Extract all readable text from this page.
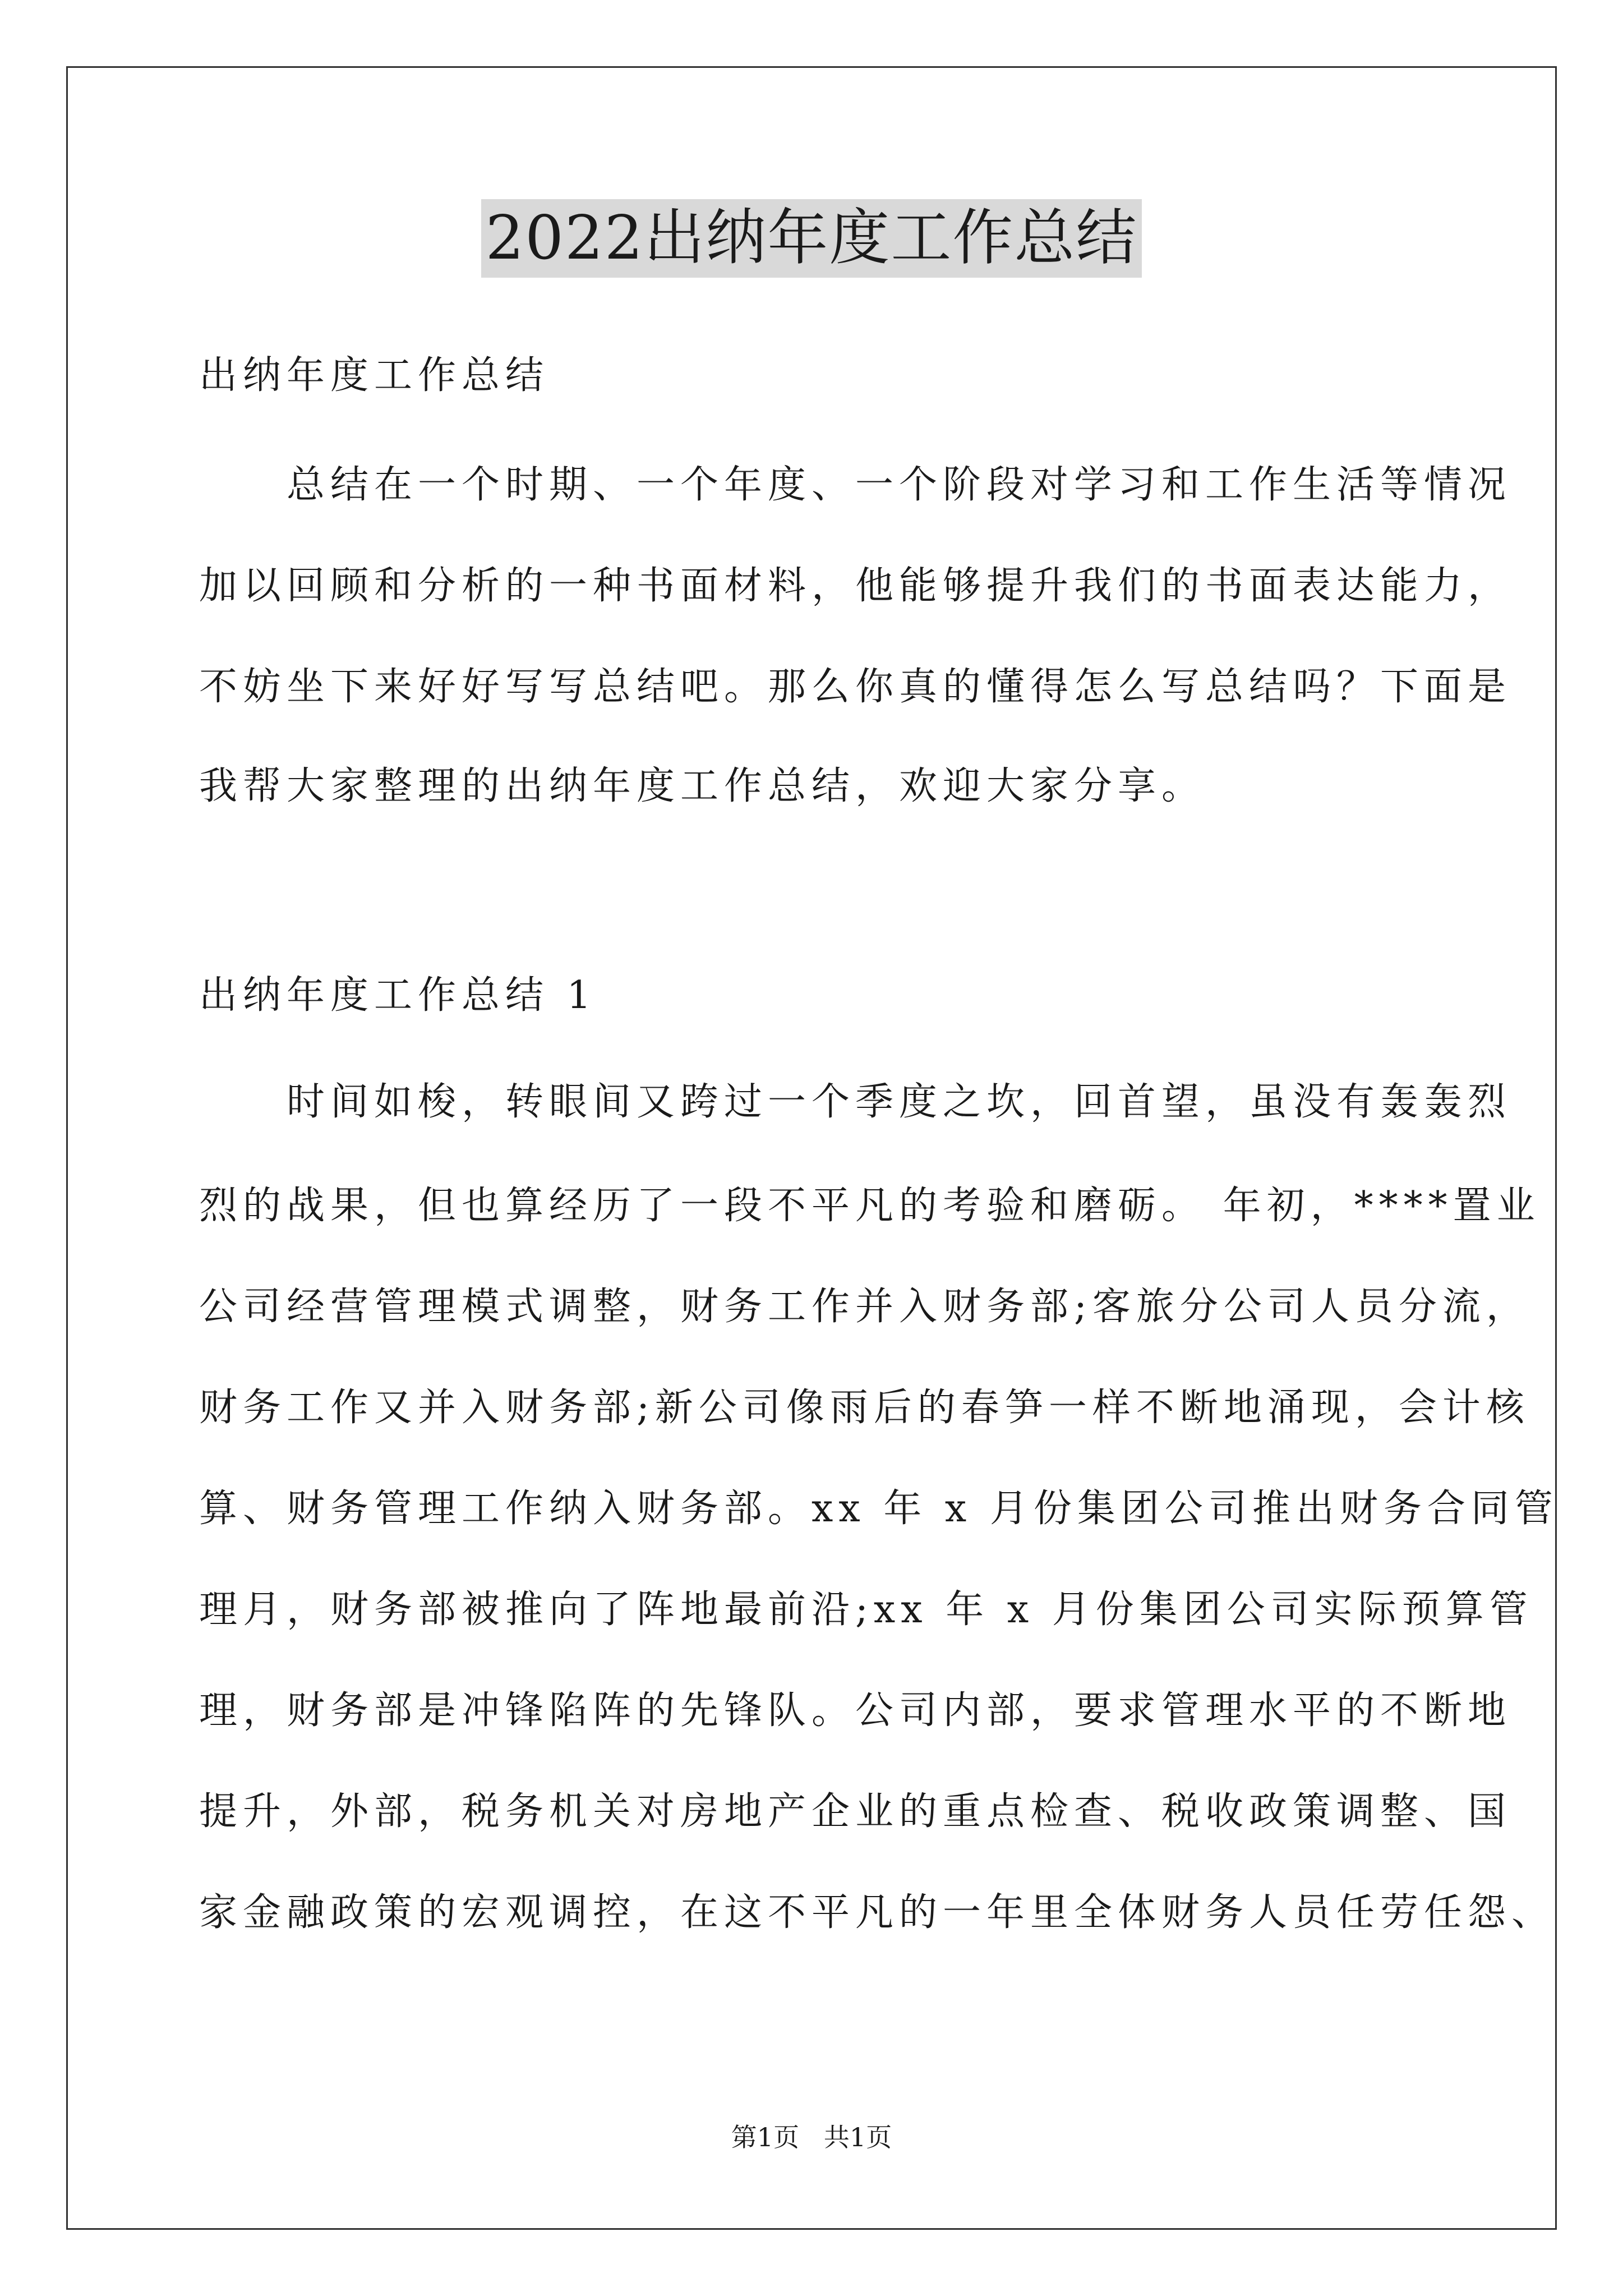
2022出纳年度工作总结
出纳年度工作总结
　　总结在一个时期、一个年度、一个阶段对学习和工作生活等情况
加以回顾和分析的一种书面材料，他能够提升我们的书面表达能力，
不妨坐下来好好写写总结吧。那么你真的懂得怎么写总结吗？下面是
我帮大家整理的出纳年度工作总结，欢迎大家分享。
出纳年度工作总结 1
　　时间如梭，转眼间又跨过一个季度之坎，回首望，虽没有轰轰烈
烈的战果，但也算经历了一段不平凡的考验和磨砺。 年初，****置业
公司经营管理模式调整，财务工作并入财务部;客旅分公司人员分流，
财务工作又并入财务部;新公司像雨后的春笋一样不断地涌现，会计核
算、财务管理工作纳入财务部。xx 年 x 月份集团公司推出财务合同管
理月，财务部被推向了阵地最前沿;xx 年 x 月份集团公司实际预算管
理，财务部是冲锋陷阵的先锋队。公司内部，要求管理水平的不断地
提升，外部，税务机关对房地产企业的重点检查、税收政策调整、国
家金融政策的宏观调控，在这不平凡的一年里全体财务人员任劳任怨、
第1页   共1页
